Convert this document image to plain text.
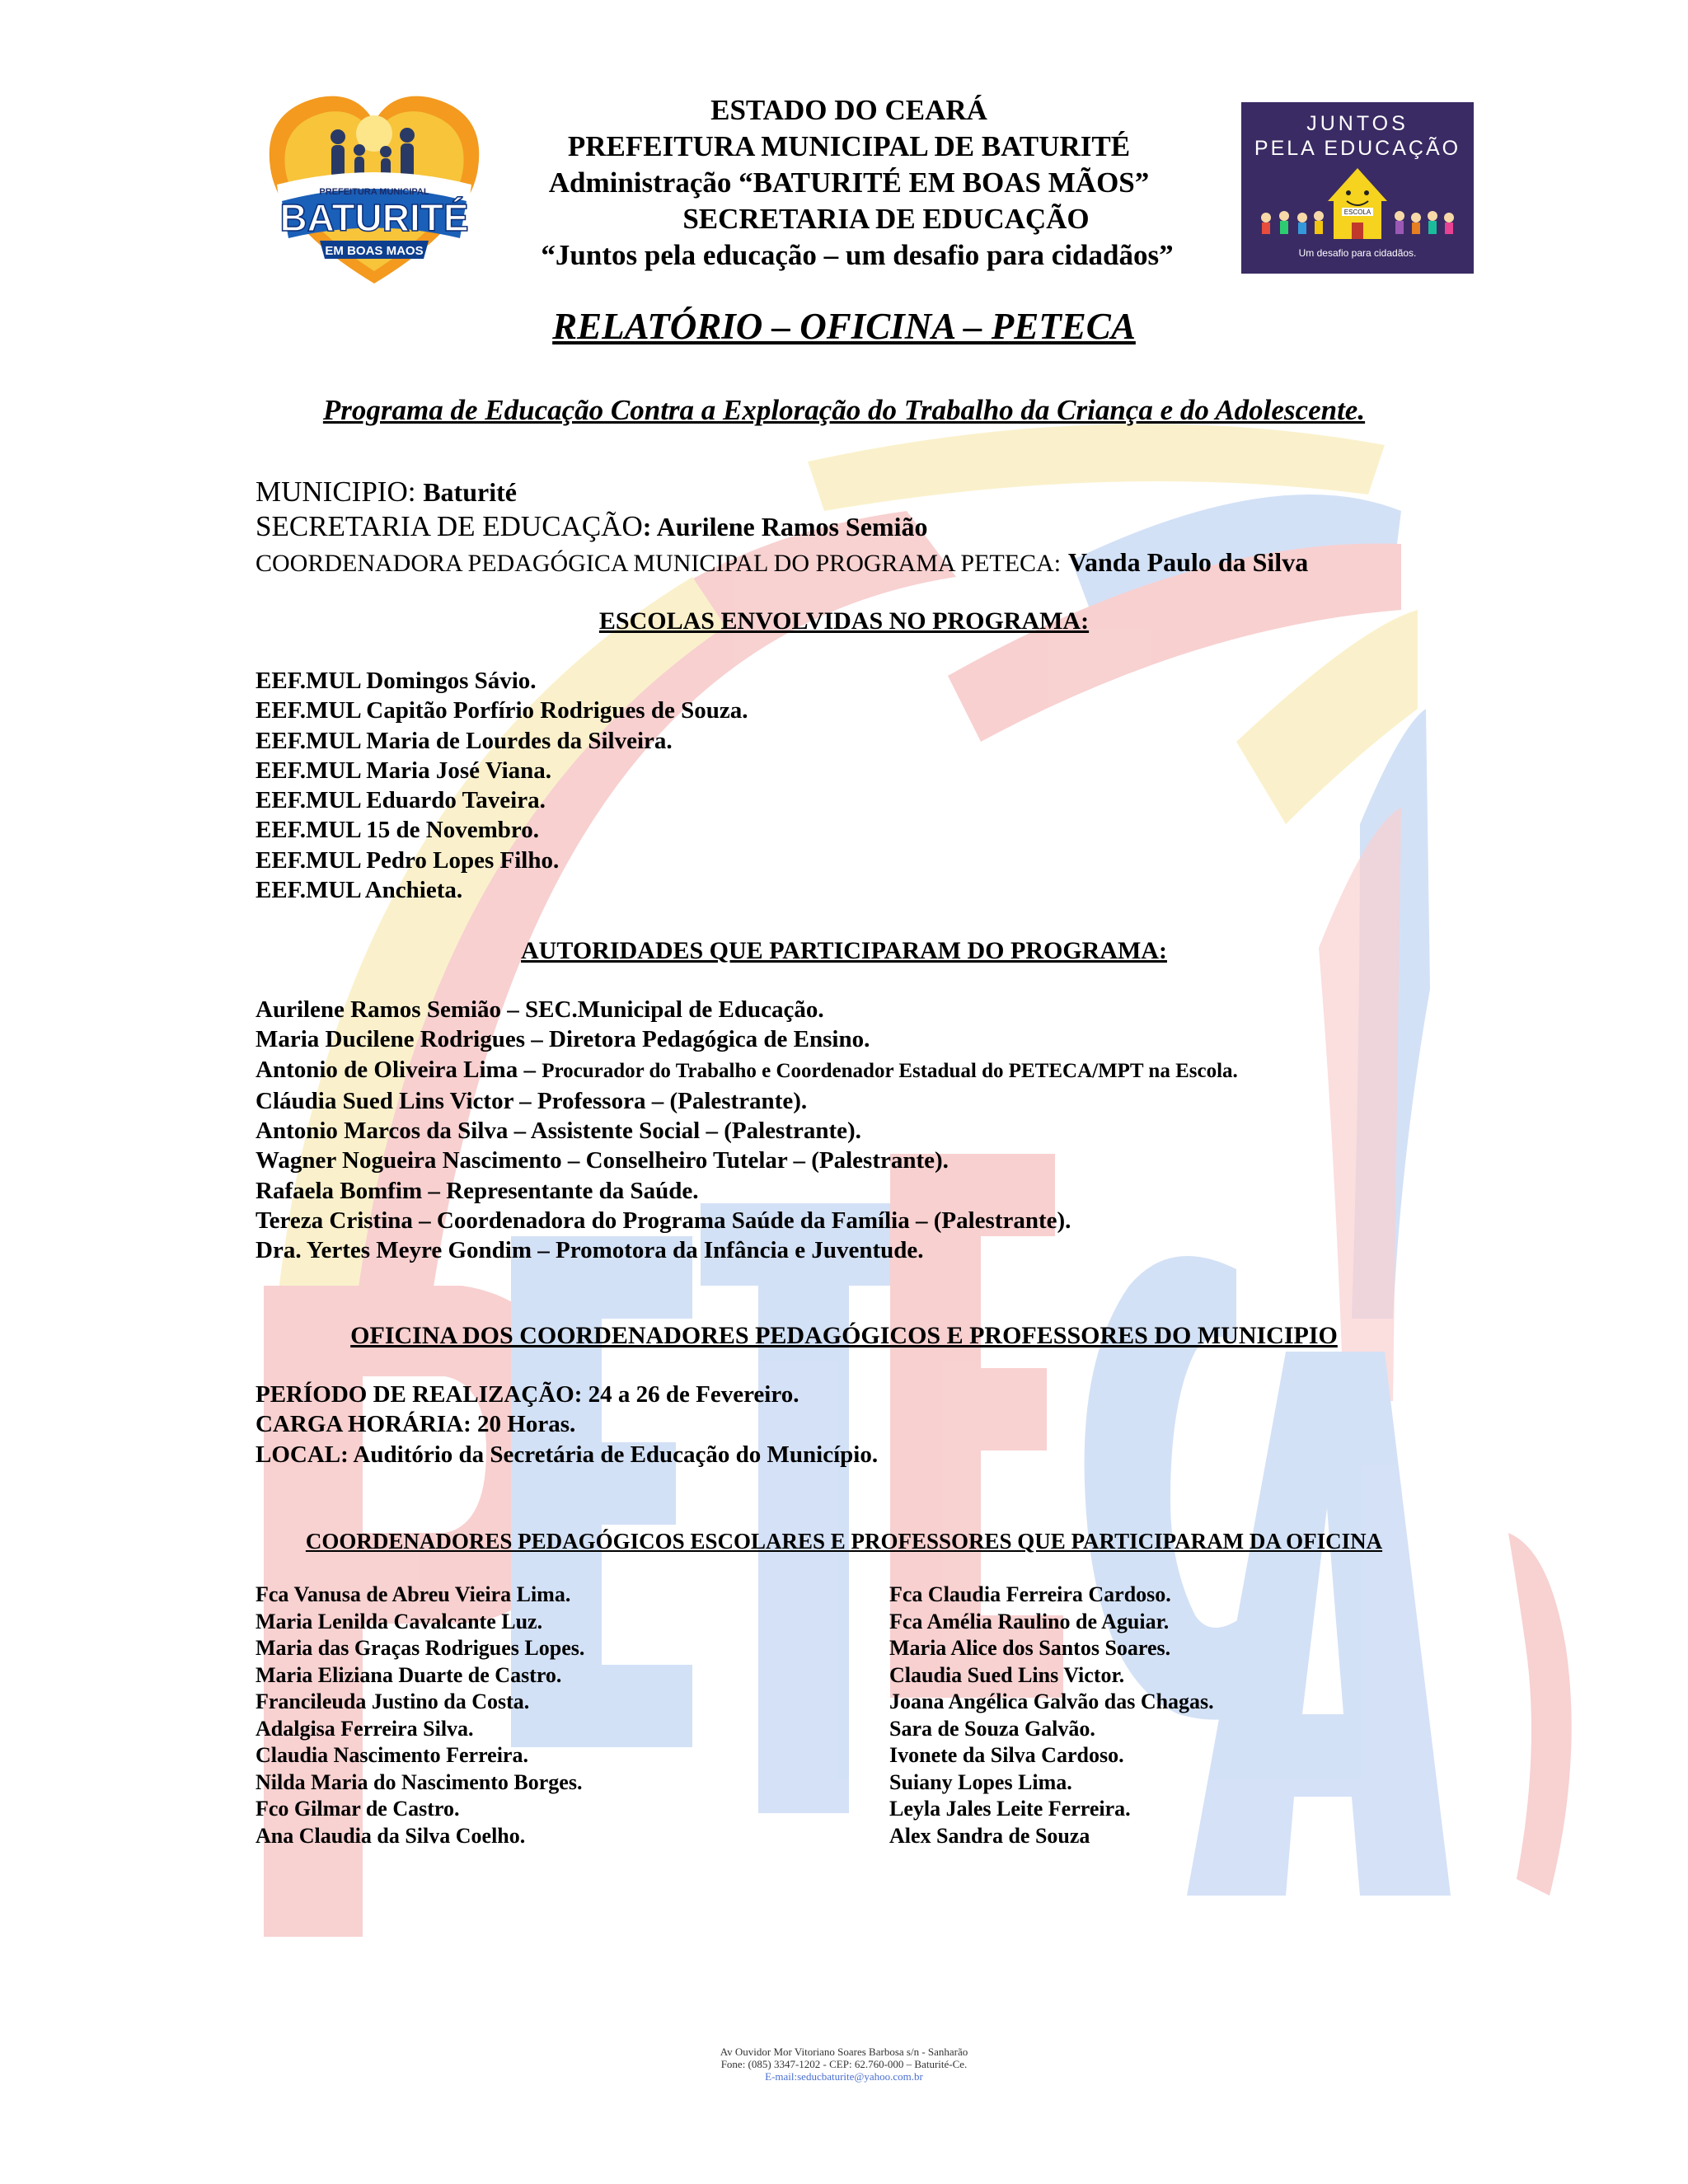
PREFEITURA MUNICIPAL
BATURITÉ
EM BOAS MAOS
ESTADO DO CEARÁ
PREFEITURA MUNICIPAL DE BATURITÉ
Administração “BATURITÉ EM BOAS MÃOS”
SECRETARIA DE EDUCAÇÃO
“Juntos pela educação – um desafio para cidadãos”
JUNTOS
PELA EDUCAÇÃO
ESCOLA
Um desafio para cidadãos.
RELATÓRIO – OFICINA – PETECA
Programa de Educação Contra a Exploração do Trabalho da Criança e do Adolescente.
MUNICIPIO: Baturité
SECRETARIA DE EDUCAÇÃO: Aurilene Ramos Semião
COORDENADORA PEDAGÓGICA MUNICIPAL DO PROGRAMA PETECA: Vanda Paulo da Silva
ESCOLAS ENVOLVIDAS NO PROGRAMA:
EEF.MUL Domingos Sávio.
EEF.MUL Capitão Porfírio Rodrigues de Souza.
EEF.MUL Maria de Lourdes da Silveira.
EEF.MUL Maria José Viana.
EEF.MUL Eduardo Taveira.
EEF.MUL 15 de Novembro.
EEF.MUL Pedro Lopes Filho.
EEF.MUL Anchieta.
AUTORIDADES QUE PARTICIPARAM DO PROGRAMA:
Aurilene Ramos Semião – SEC.Municipal de Educação.
Maria Ducilene Rodrigues – Diretora Pedagógica de Ensino.
Antonio de Oliveira Lima – Procurador do Trabalho e Coordenador Estadual do PETECA/MPT na Escola.
Cláudia Sued Lins Victor – Professora – (Palestrante).
Antonio Marcos da Silva – Assistente Social – (Palestrante).
Wagner Nogueira Nascimento – Conselheiro Tutelar – (Palestrante).
Rafaela Bomfim – Representante da Saúde.
Tereza Cristina – Coordenadora do Programa Saúde da Família – (Palestrante).
Dra. Yertes Meyre Gondim – Promotora da Infância e Juventude.
OFICINA DOS COORDENADORES PEDAGÓGICOS E PROFESSORES DO MUNICIPIO
PERÍODO DE REALIZAÇÃO: 24 a 26 de Fevereiro.
CARGA HORÁRIA: 20 Horas.
LOCAL: Auditório da Secretária de Educação do Município.
COORDENADORES PEDAGÓGICOS ESCOLARES E PROFESSORES QUE PARTICIPARAM DA OFICINA
Fca Vanusa de Abreu Vieira Lima.
Maria Lenilda Cavalcante Luz.
Maria das Graças Rodrigues Lopes.
Maria Eliziana Duarte de Castro.
Francileuda Justino da Costa.
Adalgisa Ferreira Silva.
Claudia Nascimento Ferreira.
Nilda Maria do Nascimento Borges.
Fco Gilmar de Castro.
Ana Claudia da Silva Coelho.
Fca Claudia Ferreira Cardoso.
Fca Amélia Raulino de Aguiar.
Maria Alice dos Santos Soares.
Claudia Sued Lins Victor.
Joana Angélica Galvão das Chagas.
Sara de Souza Galvão.
Ivonete da Silva Cardoso.
Suiany Lopes Lima.
Leyla Jales Leite Ferreira.
Alex Sandra de Souza
Av Ouvidor Mor Vitoriano Soares Barbosa s/n - Sanharão
Fone: (085) 3347-1202 - CEP: 62.760-000 – Baturité-Ce.
E-mail:seducbaturite@yahoo.com.br
